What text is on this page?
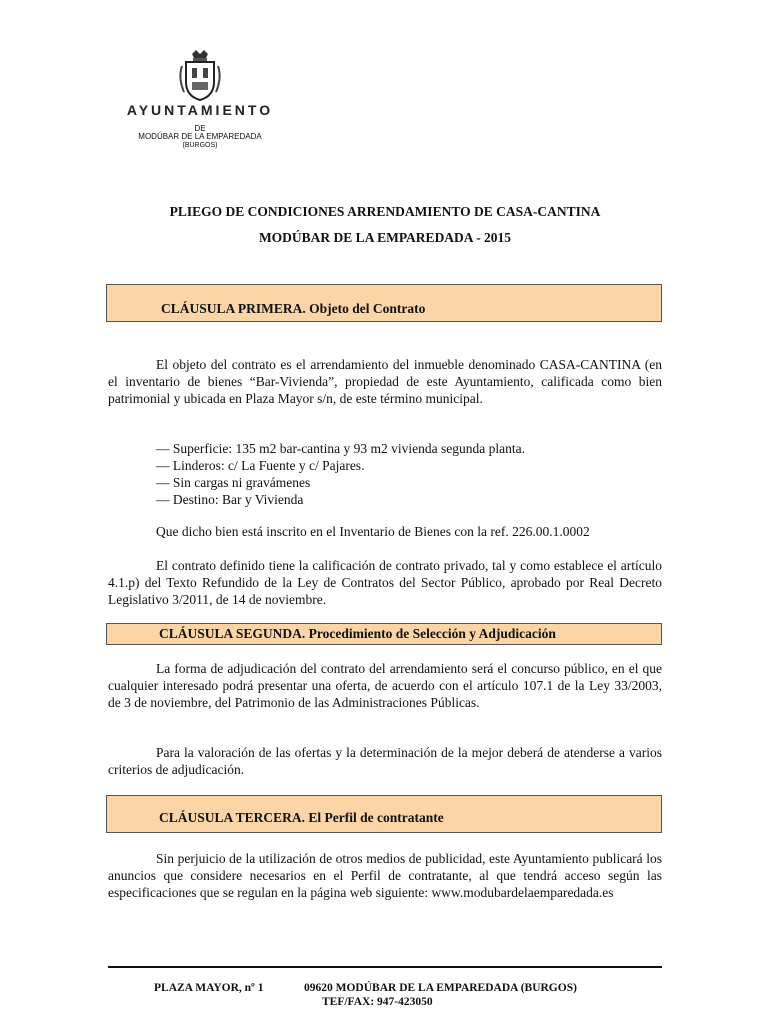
AYUNTAMIENTO
DE
MODÚBAR DE LA EMPAREDADA
(BURGOS)
PLIEGO DE CONDICIONES ARRENDAMIENTO DE CASA-CANTINA
MODÚBAR DE LA EMPAREDADA - 2015
CLÁUSULA PRIMERA. Objeto del Contrato
El objeto del contrato es el arrendamiento del inmueble denominado CASA-CANTINA (en el inventario de bienes “Bar-Vivienda”, propiedad de este Ayuntamiento, calificada como bien patrimonial y ubicada en Plaza Mayor s/n, de este término municipal.
— Superficie: 135 m2 bar-cantina y 93 m2 vivienda segunda planta.
— Linderos: c/ La Fuente y c/ Pajares.
— Sin cargas ni gravámenes
— Destino: Bar y Vivienda
Que dicho bien está inscrito en el Inventario de Bienes con la ref. 226.00.1.0002
El contrato definido tiene la calificación de contrato privado, tal y como establece el artículo 4.1.p) del Texto Refundido de la Ley de Contratos del Sector Público, aprobado por Real Decreto Legislativo 3/2011, de 14 de noviembre.
CLÁUSULA SEGUNDA. Procedimiento de Selección y Adjudicación
La forma de adjudicación del contrato del arrendamiento será el concurso público, en el que cualquier interesado podrá presentar una oferta, de acuerdo con el artículo 107.1 de la Ley 33/2003, de 3 de noviembre, del Patrimonio de las Administraciones Públicas.
Para la valoración de las ofertas y la determinación de la mejor deberá de atenderse a varios criterios de adjudicación.
CLÁUSULA TERCERA. El Perfil de contratante
Sin perjuicio de la utilización de otros medios de publicidad, este Ayuntamiento publicará los anuncios que considere necesarios en el Perfil de contratante, al que tendrá acceso según las especificaciones que se regulan en la página web siguiente: www.modubardelaemparedada.es
PLAZA MAYOR, nº 1	09620 MODÚBAR DE LA EMPAREDADA (BURGOS)
TEF/FAX: 947-423050
